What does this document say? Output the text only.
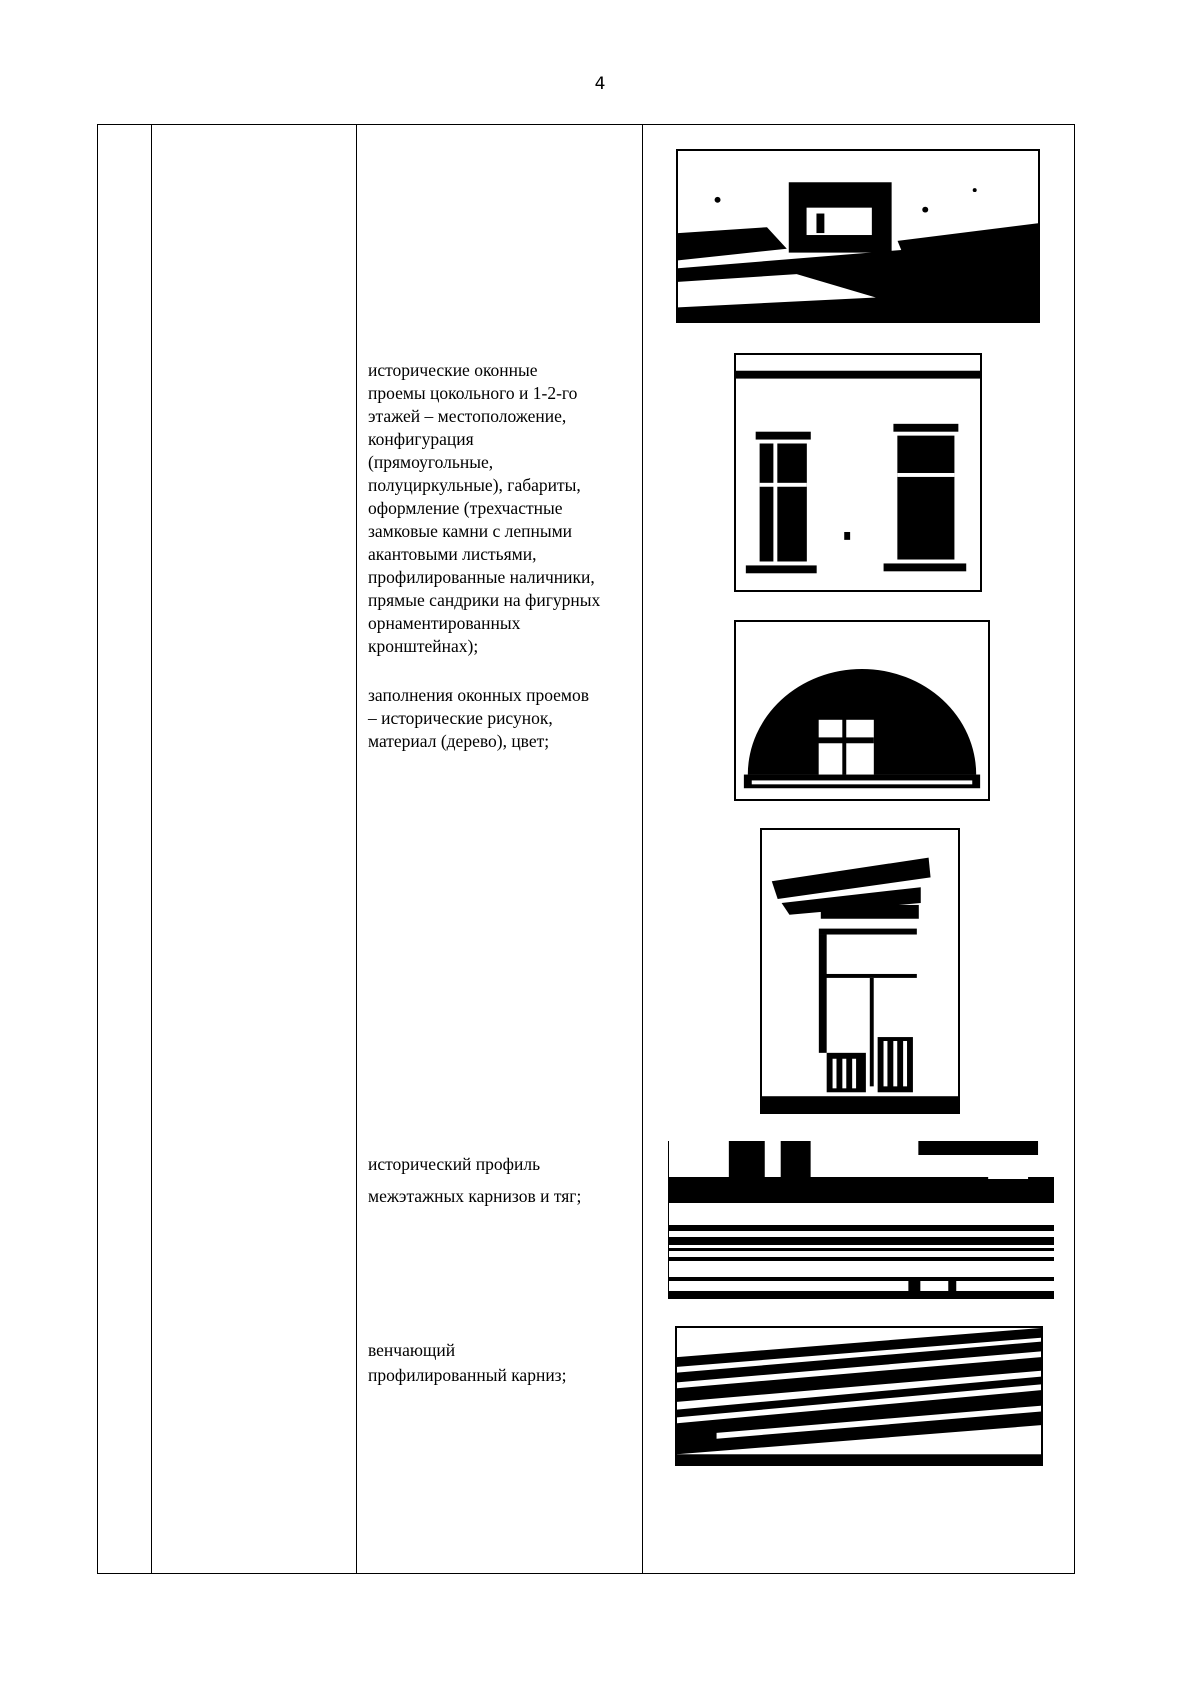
4
исторические оконные
проемы цокольного и 1-2-го
этажей – местоположение,
конфигурация
(прямоугольные,
полуциркульные), габариты,
оформление (трехчастные
замковые камни с лепными
акантовыми листьями,
профилированные наличники,
прямые сандрики на фигурных
орнаментированных
кронштейнах);
заполнения оконных проемов
– исторические рисунок,
материал (дерево), цвет;
исторический профиль
межэтажных карнизов и тяг;
венчающий
профилированный карниз;
